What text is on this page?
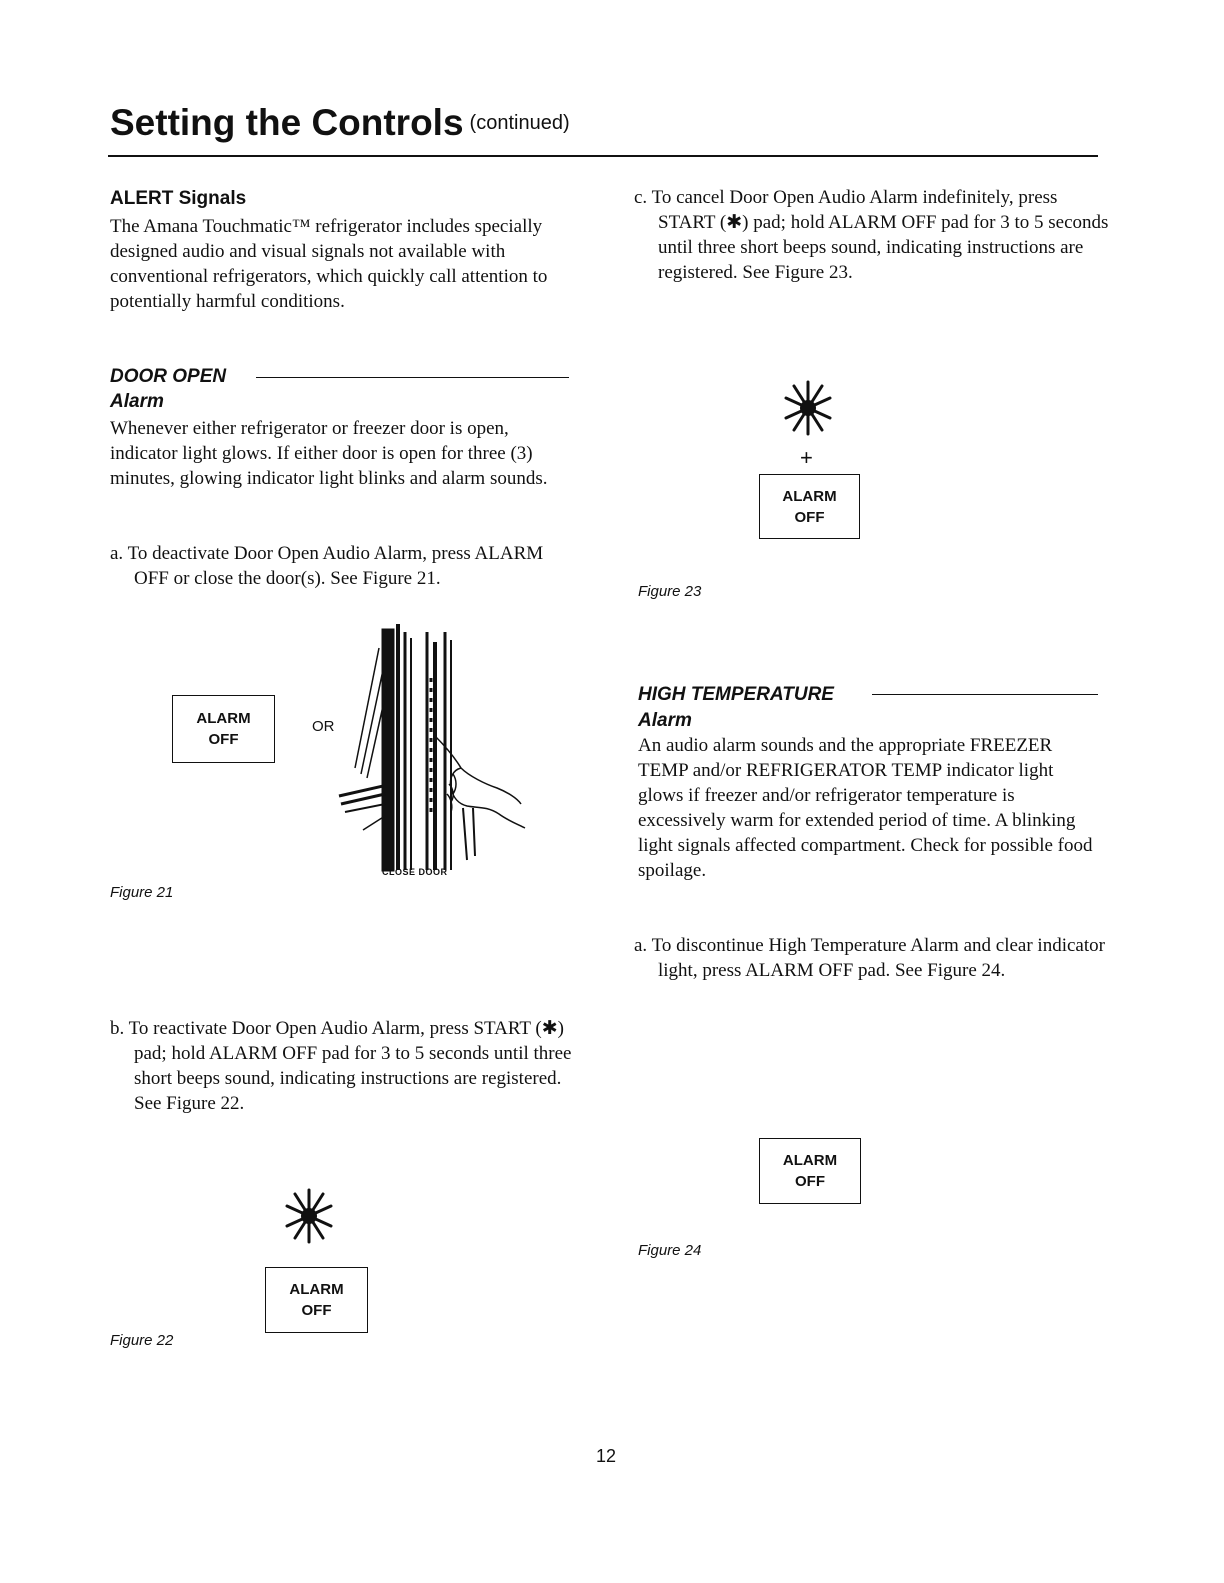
Setting the Controls (continued)
ALERT Signals
The Amana Touchmatic™ refrigerator includes specially designed audio and visual signals not available with conventional refrigerators, which quickly call attention to potentially harmful conditions.
DOOR OPEN
Alarm
Whenever either refrigerator or freezer door is open, indicator light glows. If either door is open for three (3) minutes, glowing indicator light blinks and alarm sounds.
a. To deactivate Door Open Audio Alarm, press ALARM OFF or close the door(s). See Figure 21.
ALARM
OFF
OR
CLOSE DOOR
Figure 21
b. To reactivate Door Open Audio Alarm, press START (✱) pad; hold ALARM OFF pad for 3 to 5 seconds until three short beeps sound, indicating instructions are registered. See Figure 22.
ALARM
OFF
Figure 22
c. To cancel Door Open Audio Alarm indefinitely, press START (✱) pad; hold ALARM OFF pad for 3 to 5 seconds until three short beeps sound, indicating instructions are registered. See Figure 23.
+
ALARM
OFF
Figure 23
HIGH TEMPERATURE
Alarm
An audio alarm sounds and the appropriate FREEZER TEMP and/or REFRIGERATOR TEMP indicator light glows if freezer and/or refrigerator temperature is excessively warm for extended period of time. A blinking light signals affected compartment. Check for possible food spoilage.
a. To discontinue High Temperature Alarm and clear indicator light, press ALARM OFF pad. See Figure 24.
ALARM
OFF
Figure 24
12
